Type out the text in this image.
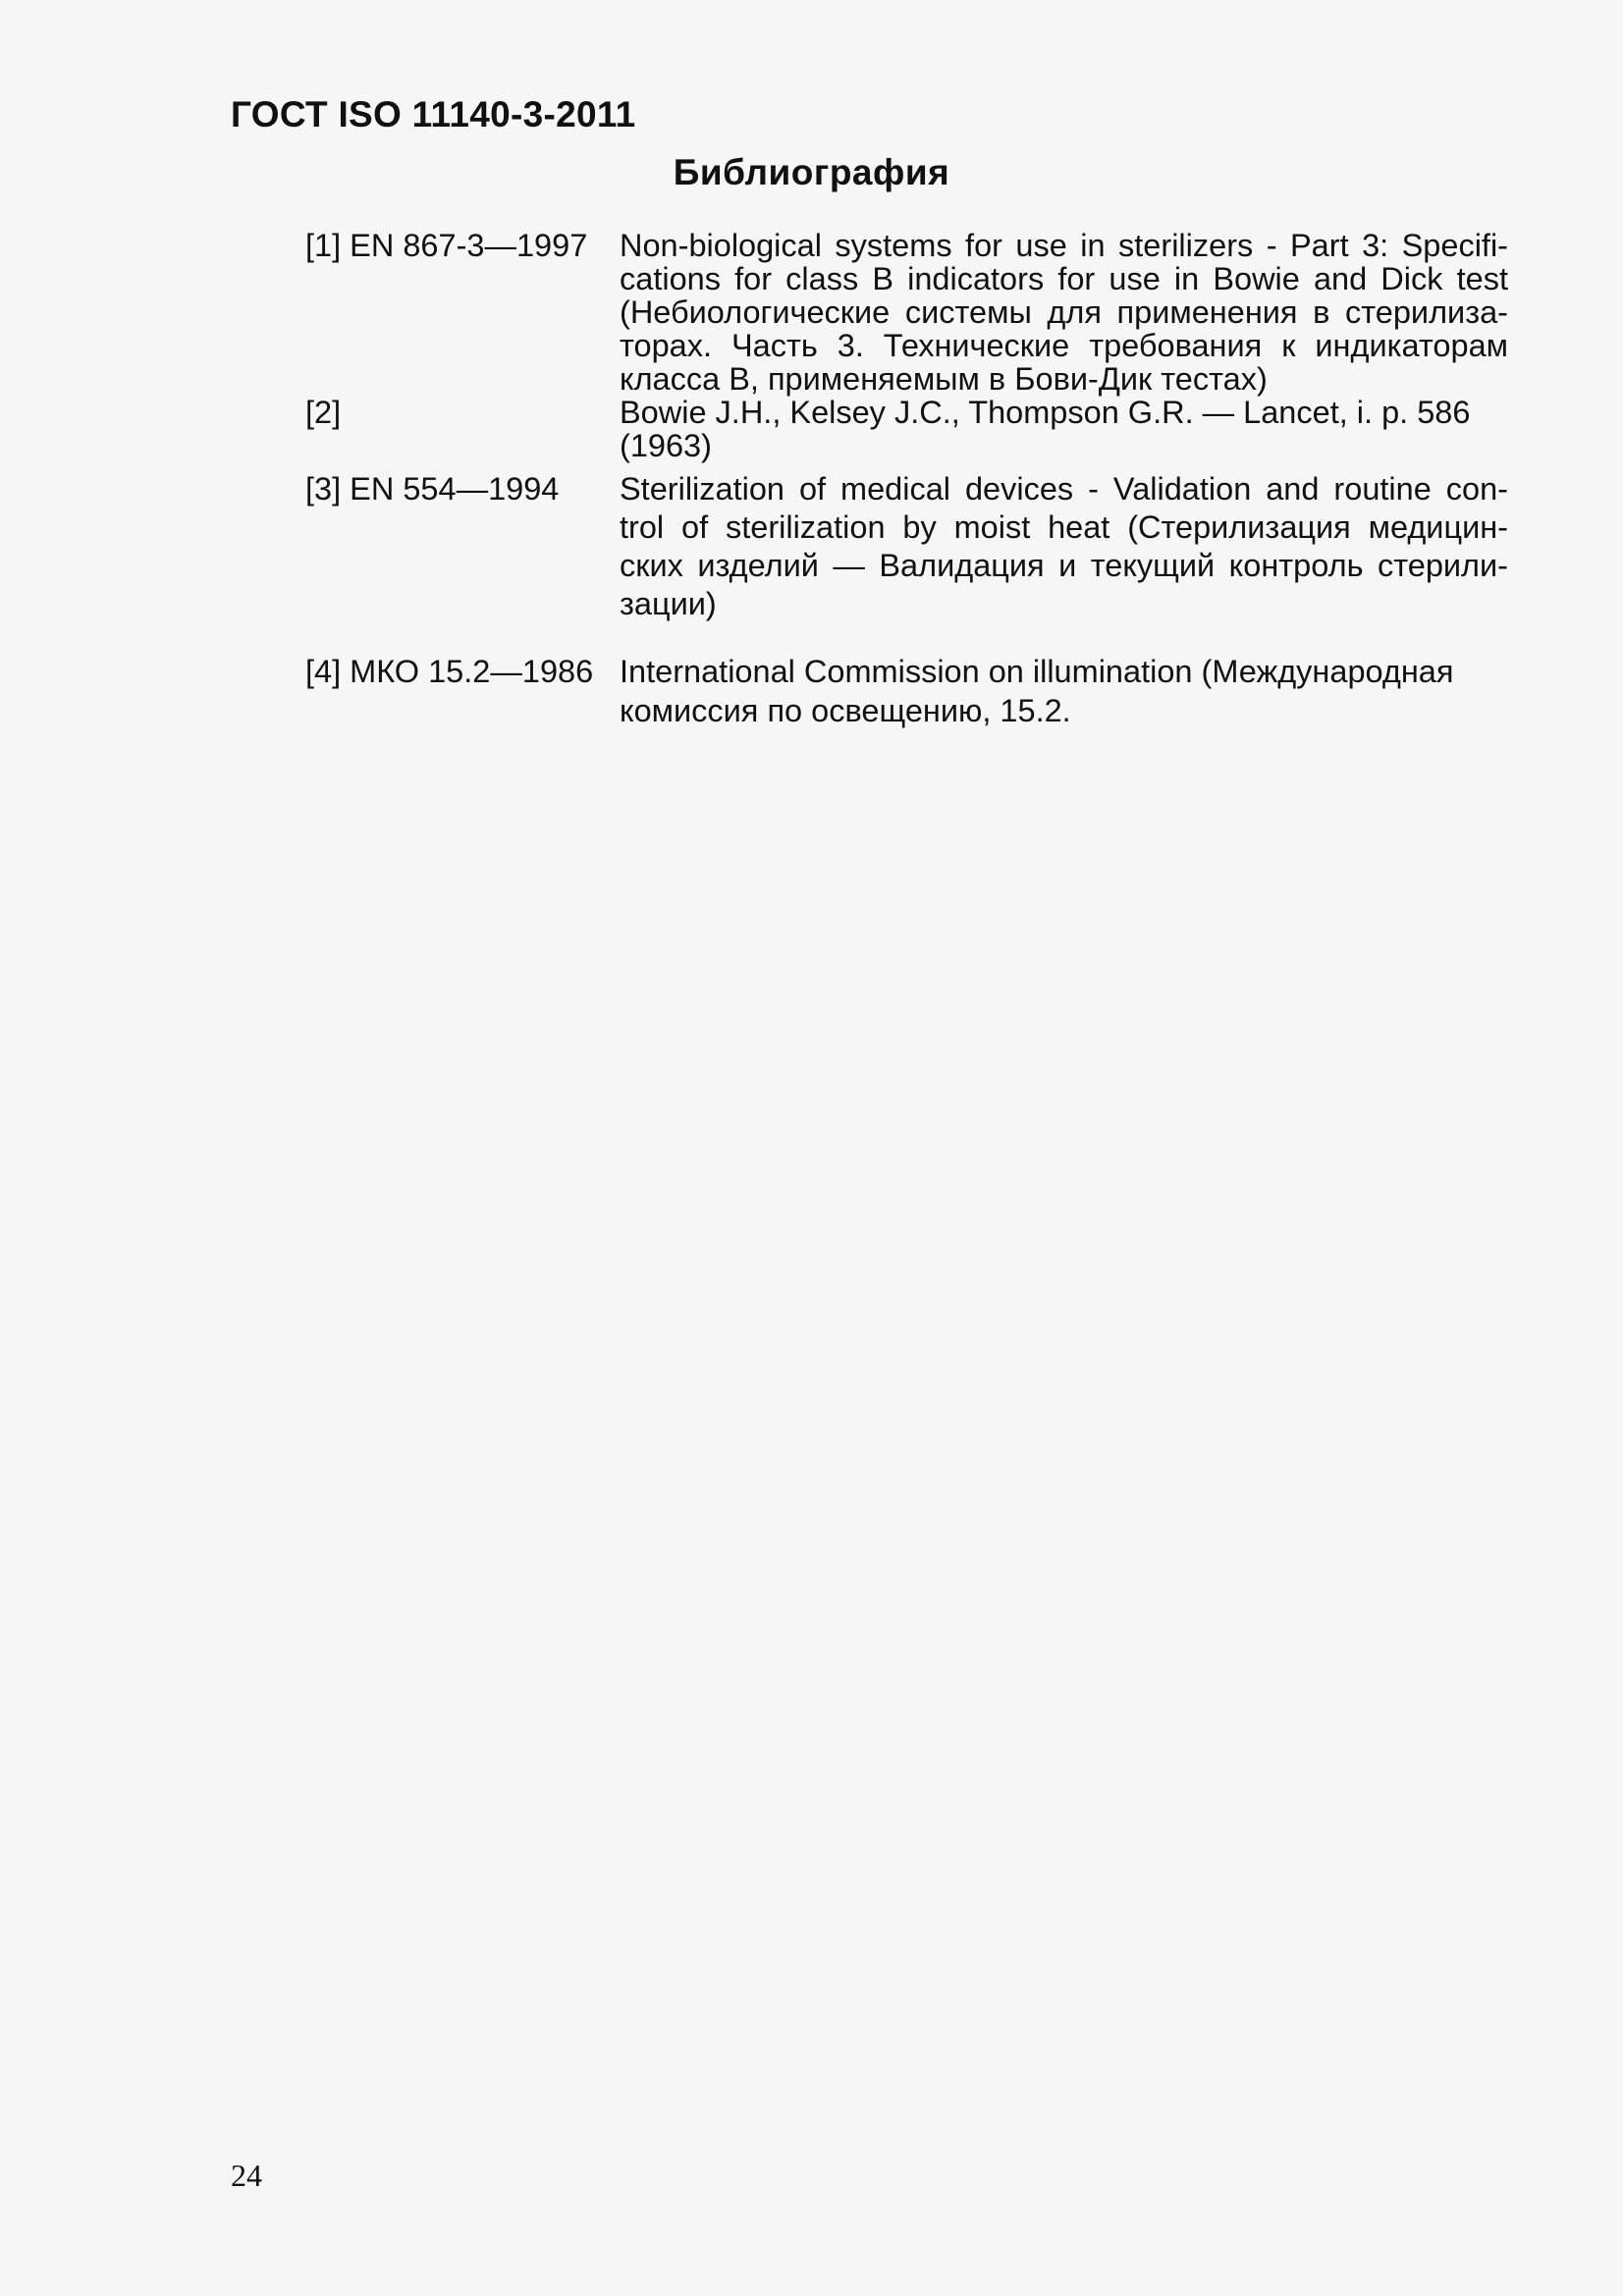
ГОСТ ISO 11140-3-2011
Библиография
[1] EN 867-3—1997	Non-biological systems for use in sterilizers - Part 3: Specifi-
cations for class B indicators for use in Bowie and Dick test
(Небиологические системы для применения в стерилиза-
торах. Часть 3. Технические требования к индикаторам
класса B, применяемым в Бови-Дик тестах)
[2]	Bowie J.H., Kelsey J.C., Thompson G.R. — Lancet, i. p. 586
(1963)
[3] EN 554—1994	Sterilization of medical devices - Validation and routine con-
trol of sterilization by moist heat (Стерилизация медицин-
ских изделий — Валидация и текущий контроль стерили-
зации)
[4] МКО 15.2—1986 International Commission on illumination (Международная
комиссия по освещению, 15.2.
24
